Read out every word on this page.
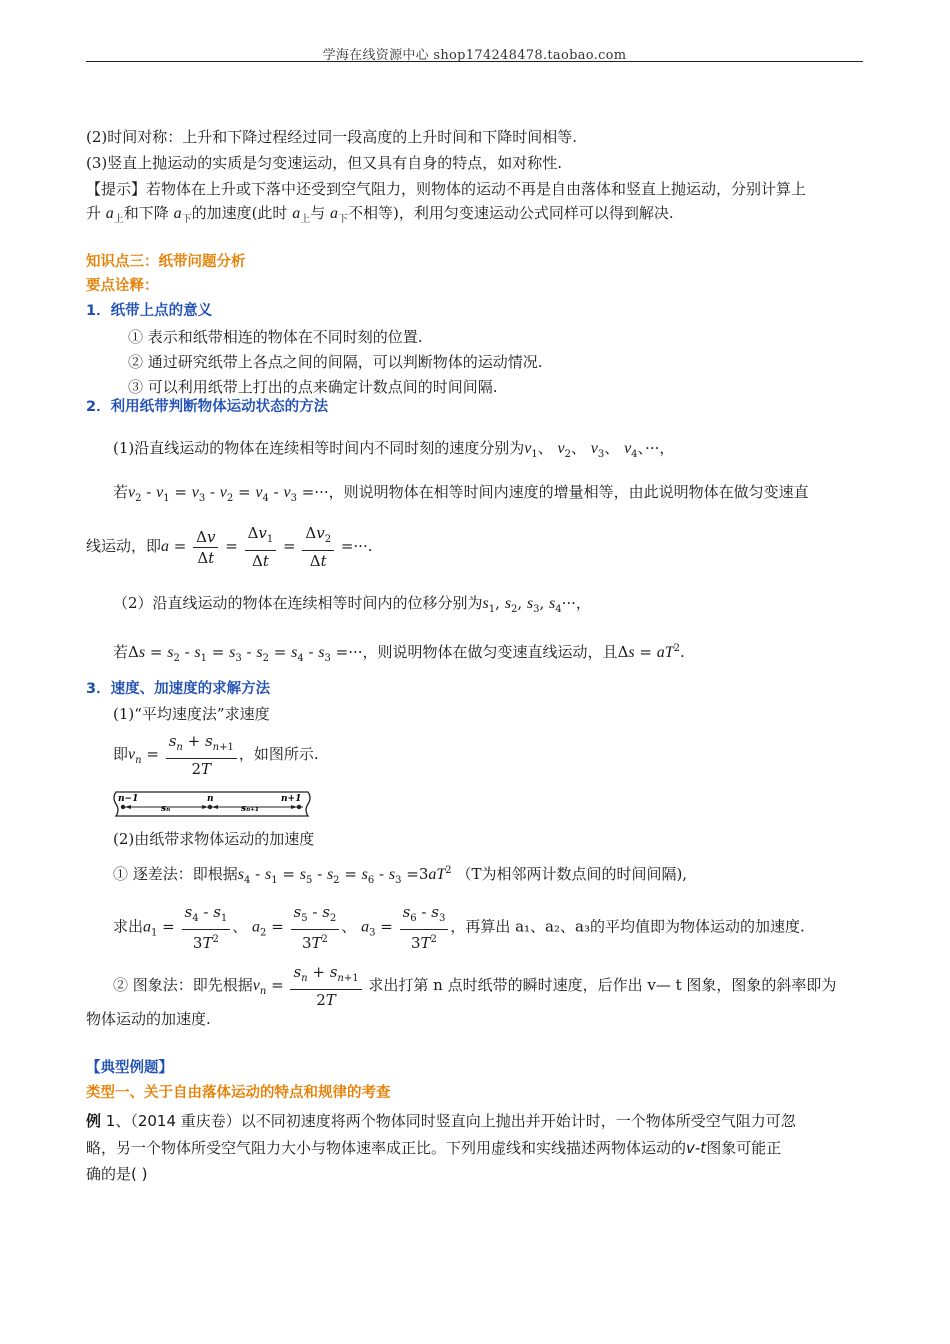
学海在线资源中心 shop174248478.taobao.com
(2)时间对称：上升和下降过程经过同一段高度的上升时间和下降时间相等.
(3)竖直上抛运动的实质是匀变速运动，但又具有自身的特点，如对称性.
【提示】若物体在上升或下落中还受到空气阻力，则物体的运动不再是自由落体和竖直上抛运动，分别计算上
升 $a_上$和下降 $a_下$的加速度(此时 $a_上$与 $a_下$不相等)，利用匀变速运动公式同样可以得到解决.
知识点三：纸带问题分析
要点诠释：
1．纸带上点的意义
① 表示和纸带相连的物体在不同时刻的位置.
② 通过研究纸带上各点之间的间隔，可以判断物体的运动情况.
③ 可以利用纸带上打出的点来确定计数点间的时间间隔.
2．利用纸带判断物体运动状态的方法
(1)沿直线运动的物体在连续相等时间内不同时刻的速度分别为$v_1$、 $v_2$、 $v_3$、 $v_4$、···，
若$v_2 - v_1 = v_3 - v_2 = v_4 - v_3$ =···，则说明物体在相等时间内速度的增量相等，由此说明物体在做匀变速直
线运动，即$a = \frac{\Delta v}{\Delta t} = \frac{\Delta v_1}{\Delta t} = \frac{\Delta v_2}{\Delta t}$ =···.
（2）沿直线运动的物体在连续相等时间内的位移分别为$s_1$, $s_2$, $s_3$, $s_4\cdot\cdot\cdot$，
若$\Delta s = s_2 - s_1 = s_3 - s_2 = s_4 - s_3$ =···，则说明物体在做匀变速直线运动，且$\Delta s = aT^2$.
3．速度、加速度的求解方法
(1)“平均速度法”求速度
即$v_n = \frac{s_n + s_{n+1}}{2T}$ ，如图所示.
n−1	n	n+1
sₙ	sₙ₊₁
(2)由纸带求物体运动的加速度
① 逐差法：即根据$s_4 - s_1 = s_5 - s_2 = s_6 - s_3 =3aT^2$ （T为相邻两计数点间的时间间隔),
求出$a_1 = \frac{s_4 - s_1}{3T^2}$ 、 $a_2 = \frac{s_5 - s_2}{3T^2}$ 、 $a_3 = \frac{s_6 - s_3}{3T^2}$ ，再算出 a₁、a₂、a₃的平均值即为物体运动的加速度.
② 图象法：即先根据$v_n = \frac{s_n + s_{n+1}}{2T}$ 求出打第 n 点时纸带的瞬时速度，后作出 v— t 图象，图象的斜率即为
物体运动的加速度.
【典型例题】
类型一、关于自由落体运动的特点和规律的考查
例 1、（2014 重庆卷）以不同初速度将两个物体同时竖直向上抛出并开始计时，一个物体所受空气阻力可忽
略，另一个物体所受空气阻力大小与物体速率成正比。下列用虚线和实线描述两物体运动的v-t图象可能正
确的是( )
